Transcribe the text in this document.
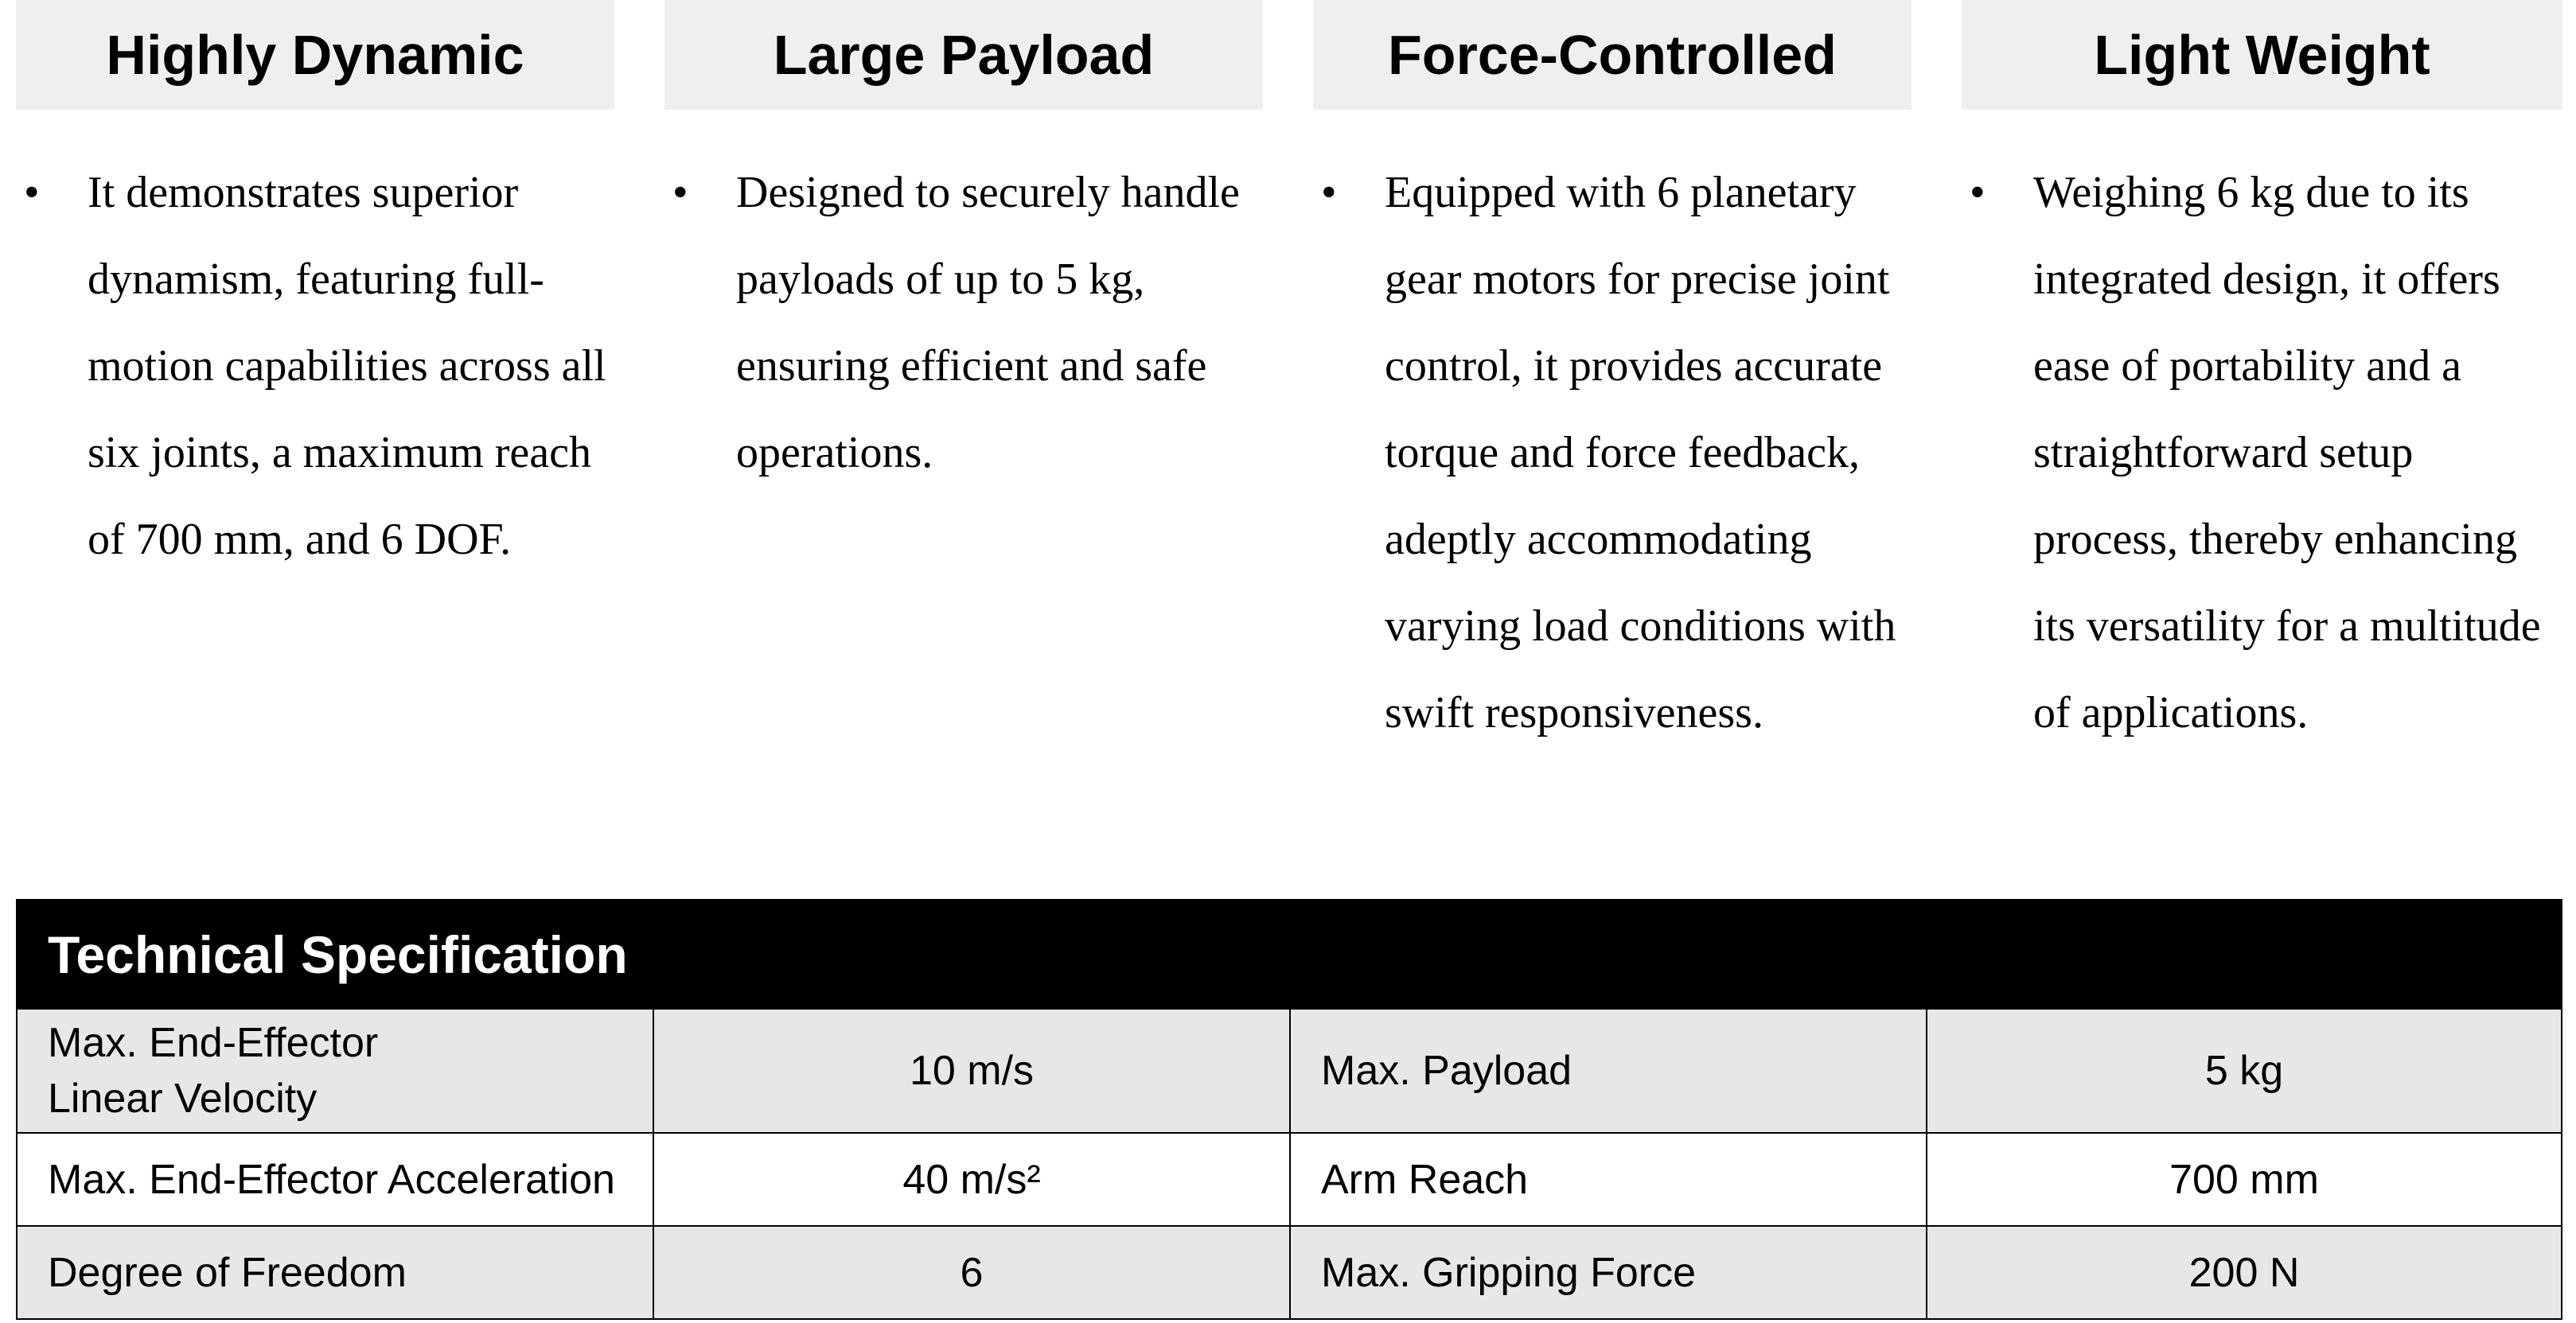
Highly Dynamic
• It demonstrates superior dynamism, featuring full-motion capabilities across all six joints, a maximum reach of 700 mm, and 6 DOF.
Large Payload
• Designed to securely handle payloads of up to 5 kg, ensuring efficient and safe operations.
Force-Controlled
• Equipped with 6 planetary gear motors for precise joint control, it provides accurate torque and force feedback, adeptly accommodating varying load conditions with swift responsiveness.
Light Weight
• Weighing 6 kg due to its integrated design, it offers ease of portability and a straightforward setup process, thereby enhancing its versatility for a multitude of applications.
Technical Specification			

Max. End-Effector
Linear Velocity	10 m/s	Max. Payload	5 kg
Max. End-Effector Acceleration	40 m/s²	Arm Reach	700 mm
Degree of Freedom	6	Max. Gripping Force	200 N
